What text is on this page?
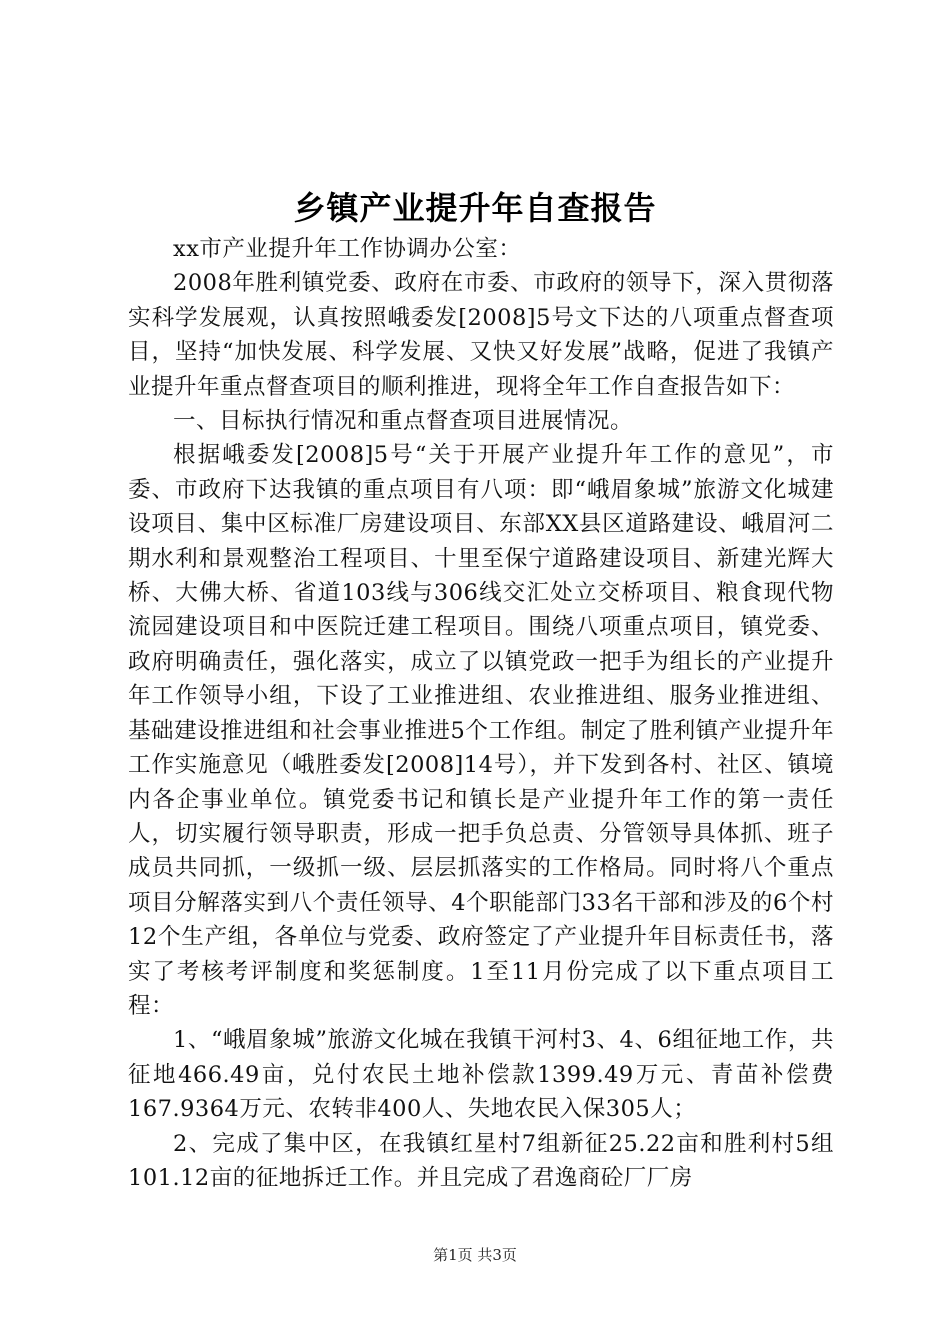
乡镇产业提升年自查报告

xx市产业提升年工作协调办公室：

2008年胜利镇党委、政府在市委、市政府的领导下，深入贯彻落实科学发展观，认真按照峨委发[2008]5号文下达的八项重点督查项目，坚持“加快发展、科学发展、又快又好发展”战略，促进了我镇产业提升年重点督查项目的顺利推进，现将全年工作自查报告如下：

一、目标执行情况和重点督查项目进展情况。

根据峨委发[2008]5号“关于开展产业提升年工作的意见”，市委、市政府下达我镇的重点项目有八项：即“峨眉象城”旅游文化城建设项目、集中区标准厂房建设项目、东部XX县区道路建设、峨眉河二期水利和景观整治工程项目、十里至保宁道路建设项目、新建光辉大桥、大佛大桥、省道103线与306线交汇处立交桥项目、粮食现代物流园建设项目和中医院迁建工程项目。围绕八项重点项目，镇党委、政府明确责任，强化落实，成立了以镇党政一把手为组长的产业提升年工作领导小组，下设了工业推进组、农业推进组、服务业推进组、基础建设推进组和社会事业推进5个工作组。制定了胜利镇产业提升年工作实施意见（峨胜委发[2008]14号），并下发到各村、社区、镇境内各企事业单位。镇党委书记和镇长是产业提升年工作的第一责任人，切实履行领导职责，形成一把手负总责、分管领导具体抓、班子成员共同抓，一级抓一级、层层抓落实的工作格局。同时将八个重点项目分解落实到八个责任领导、4个职能部门33名干部和涉及的6个村12个生产组，各单位与党委、政府签定了产业提升年目标责任书，落实了考核考评制度和奖惩制度。1至11月份完成了以下重点项目工程：

1、“峨眉象城”旅游文化城在我镇干河村3、4、6组征地工作，共征地466.49亩，兑付农民土地补偿款1399.49万元、青苗补偿费167.9364万元、农转非400人、失地农民入保305人；

2、完成了集中区，在我镇红星村7组新征25.22亩和胜利村5组101.12亩的征地拆迁工作。并且完成了君逸商砼厂厂房

第1页 共3页
